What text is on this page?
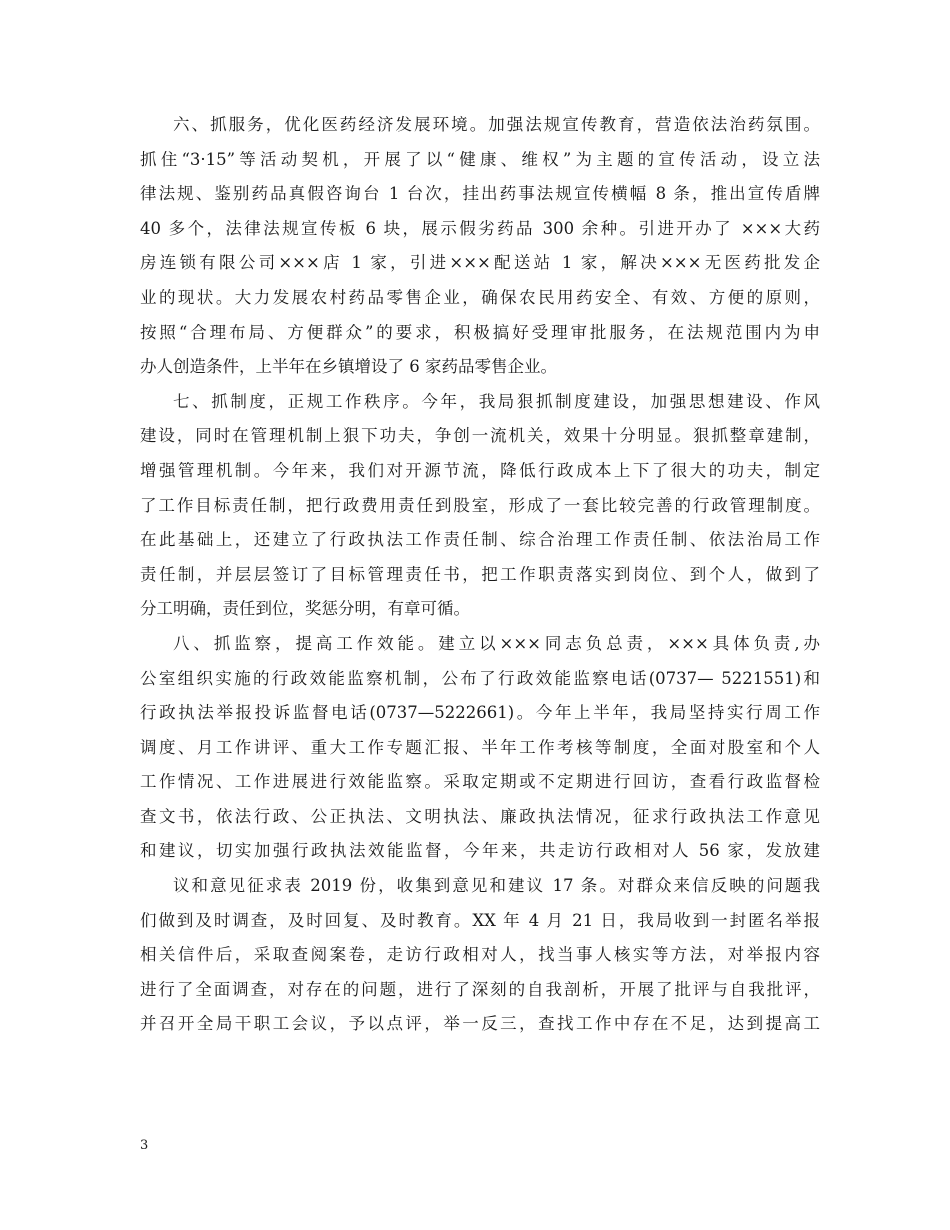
六、抓服务，优化医药经济发展环境。加强法规宣传教育，营造依法治药氛围。
抓住“3·15”等活动契机，开展了以“健康、维权”为主题的宣传活动，设立法
律法规、鉴别药品真假咨询台 1 台次，挂出药事法规宣传横幅 8 条，推出宣传盾牌
40 多个，法律法规宣传板 6 块，展示假劣药品 300 余种。引进开办了 ×××大药
房连锁有限公司×××店 1 家，引进×××配送站 1 家，解决×××无医药批发企
业的现状。大力发展农村药品零售企业，确保农民用药安全、有效、方便的原则，
按照“合理布局、方便群众”的要求，积极搞好受理审批服务，在法规范围内为申
办人创造条件，上半年在乡镇增设了 6 家药品零售企业。
七、抓制度，正规工作秩序。今年，我局狠抓制度建设，加强思想建设、作风
建设，同时在管理机制上狠下功夫，争创一流机关，效果十分明显。狠抓整章建制，
增强管理机制。今年来，我们对开源节流，降低行政成本上下了很大的功夫，制定
了工作目标责任制，把行政费用责任到股室，形成了一套比较完善的行政管理制度。
在此基础上，还建立了行政执法工作责任制、综合治理工作责任制、依法治局工作
责任制，并层层签订了目标管理责任书，把工作职责落实到岗位、到个人，做到了
分工明确，责任到位，奖惩分明，有章可循。
八、抓监察，提高工作效能。建立以×××同志负总责，×××具体负责,办
公室组织实施的行政效能监察机制，公布了行政效能监察电话(0737— 5221551)和
行政执法举报投诉监督电话(0737—5222661)。今年上半年，我局坚持实行周工作
调度、月工作讲评、重大工作专题汇报、半年工作考核等制度，全面对股室和个人
工作情况、工作进展进行效能监察。采取定期或不定期进行回访，查看行政监督检
查文书，依法行政、公正执法、文明执法、廉政执法情况，征求行政执法工作意见
和建议，切实加强行政执法效能监督，今年来，共走访行政相对人 56 家，发放建
议和意见征求表 2019 份，收集到意见和建议 17 条。对群众来信反映的问题我
们做到及时调查，及时回复、及时教育。XX 年 4 月 21 日，我局收到一封匿名举报
相关信件后，采取查阅案卷，走访行政相对人，找当事人核实等方法，对举报内容
进行了全面调查，对存在的问题，进行了深刻的自我剖析，开展了批评与自我批评，
并召开全局干职工会议，予以点评，举一反三，查找工作中存在不足，达到提高工
3
